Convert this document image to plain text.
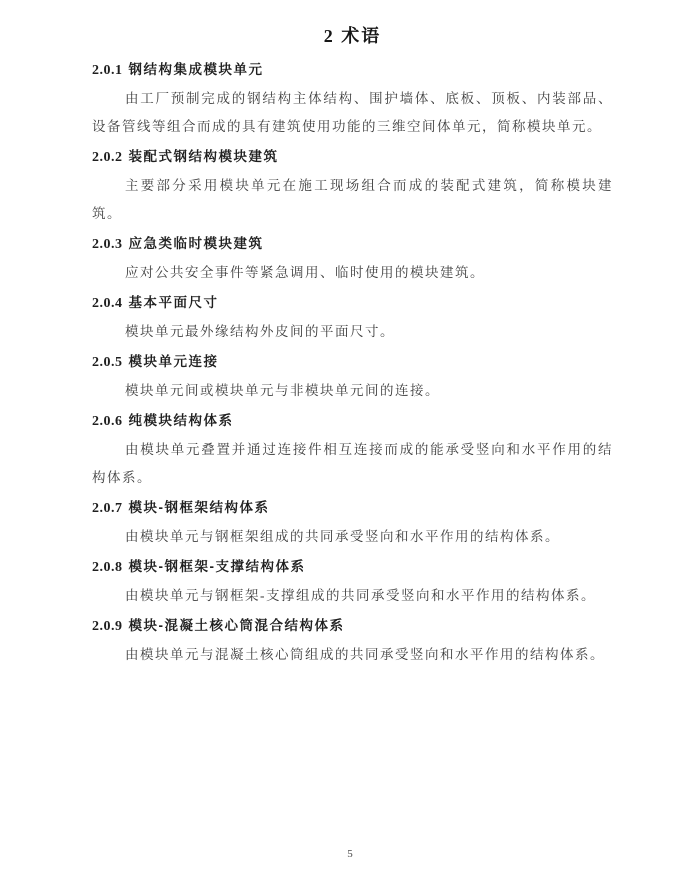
2 术语
2.0.1 钢结构集成模块单元

由工厂预制完成的钢结构主体结构、围护墙体、底板、顶板、内装部品、设备管线等组合而成的具有建筑使用功能的三维空间体单元，简称模块单元。

2.0.2 装配式钢结构模块建筑

主要部分采用模块单元在施工现场组合而成的装配式建筑，简称模块建筑。

2.0.3 应急类临时模块建筑

应对公共安全事件等紧急调用、临时使用的模块建筑。

2.0.4 基本平面尺寸

模块单元最外缘结构外皮间的平面尺寸。

2.0.5 模块单元连接

模块单元间或模块单元与非模块单元间的连接。

2.0.6 纯模块结构体系

由模块单元叠置并通过连接件相互连接而成的能承受竖向和水平作用的结构体系。

2.0.7 模块-钢框架结构体系

由模块单元与钢框架组成的共同承受竖向和水平作用的结构体系。

2.0.8 模块-钢框架-支撑结构体系

由模块单元与钢框架-支撑组成的共同承受竖向和水平作用的结构体系。

2.0.9 模块-混凝土核心筒混合结构体系

由模块单元与混凝土核心筒组成的共同承受竖向和水平作用的结构体系。

5
